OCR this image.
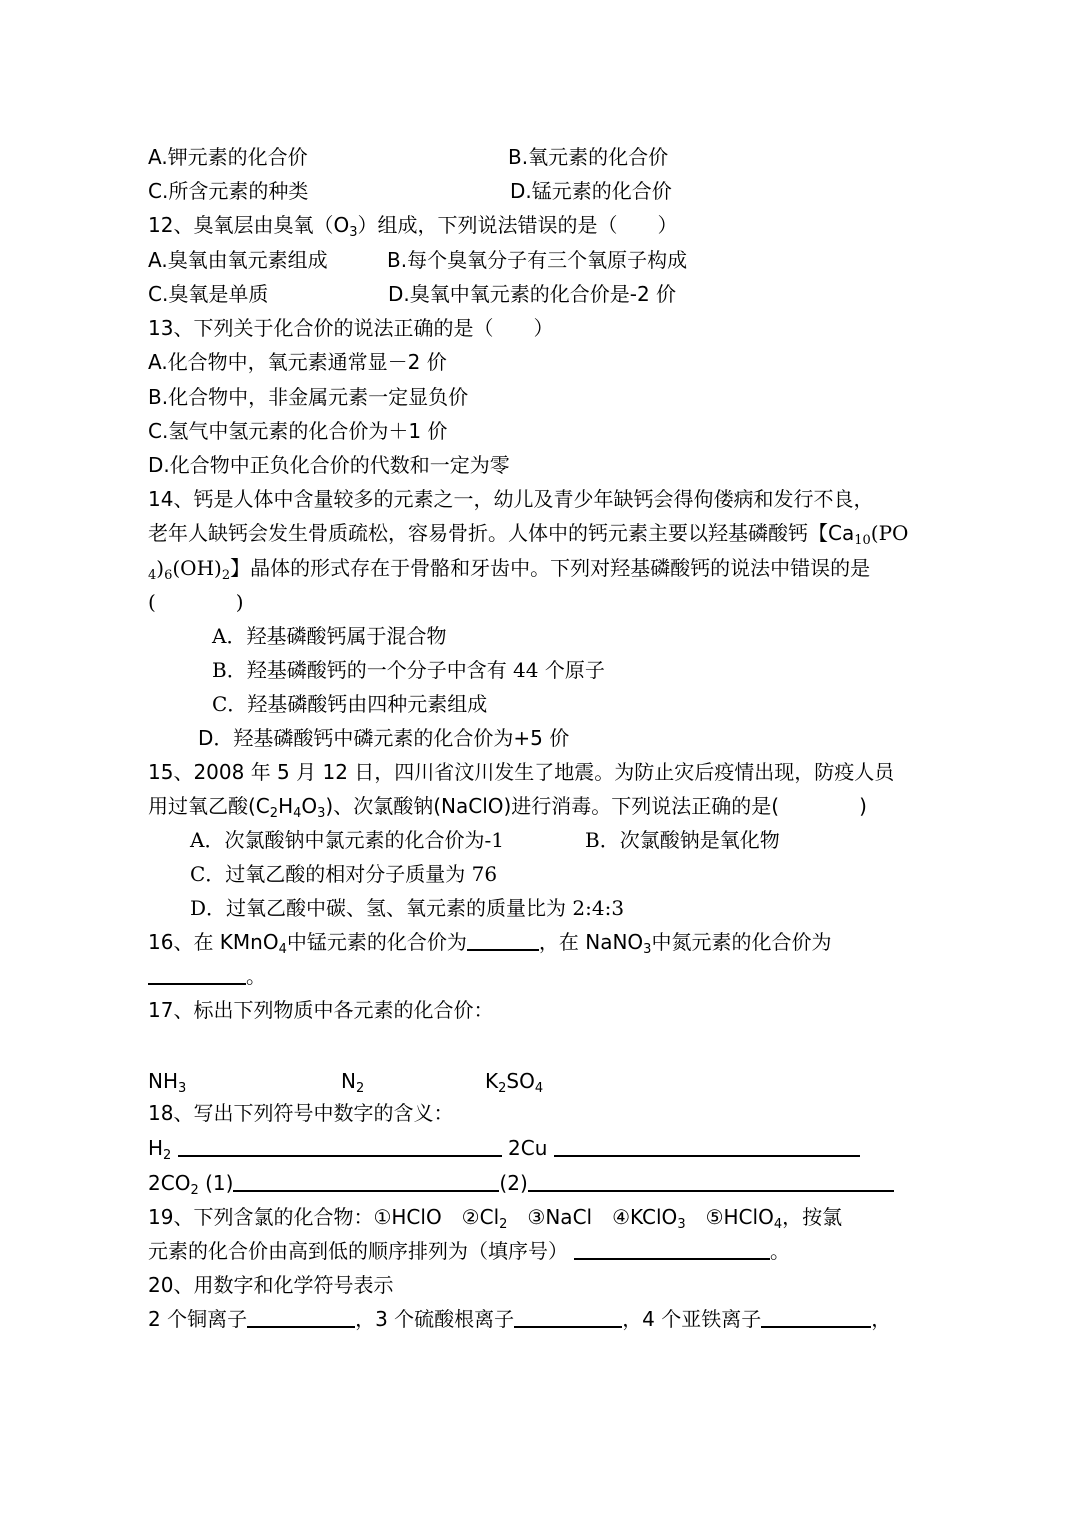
A.钾元素的化合价	B.氧元素的化合价
C.所含元素的种类	D.锰元素的化合价
12、臭氧层由臭氧$(O_3)$组成，下列说法错误的是（　　）
A.臭氧由氧元素组成	B.每个臭氧分子有三个氧原子构成
C.臭氧是单质	D.臭氧中氧元素的化合价是-2 价
13、下列关于化合价的说法正确的是（　　）
A.化合物中，氧元素通常显－2 价
B.化合物中，非金属元素一定显负价
C.氢气中氢元素的化合价为＋1 价
D.化合物中正负化合价的代数和一定为零
14、钙是人体中含量较多的元素之一，幼儿及青少年缺钙会得佝偻病和发行不良，
老年人缺钙会发生骨质疏松，容易骨折。人体中的钙元素主要以羟基磷酸钙【$Ca_{10}(PO$
$_4)_6(OH)_2$】晶体的形式存在于骨骼和牙齿中。下列对羟基磷酸钙的说法中错误的是
(　　　　)
A．羟基磷酸钙属于混合物
B．羟基磷酸钙的一个分子中含有 44 个原子
C．羟基磷酸钙由四种元素组成
D．羟基磷酸钙中磷元素的化合价为+5 价
15、2008 年 5 月 12 日，四川省汶川发生了地震。为防止灾后疫情出现，防疫人员
用过氧乙酸$(C_2H_4O_3)$、次氯酸钠(NaClO)进行消毒。下列说法正确的是(　　　　)
A．次氯酸钠中氯元素的化合价为-1	B．次氯酸钠是氧化物
C．过氧乙酸的相对分子质量为 76
D．过氧乙酸中碳、氢、氧元素的质量比为 2:4:3
16、在 KMnO$_4$中锰元素的化合价为	，在 NaNO$_3$中氮元素的化合价为
。
17、标出下列物质中各元素的化合价：
$NH_3$	$N_2$	$K_2SO_4$
18、写出下列符号中数字的含义：
$H_2$	2Cu
$2CO_2$ (1)	(2)
19、下列含氯的化合物：①HClO　$②Cl_2$　③NaCl　④KClO$_3$　⑤HClO$_4$，按氯
元素的化合价由高到低的顺序排列为（填序号）	。
20、用数字和化学符号表示
2 个铜离子	，3 个硫酸根离子	，4 个亚铁离子	，
